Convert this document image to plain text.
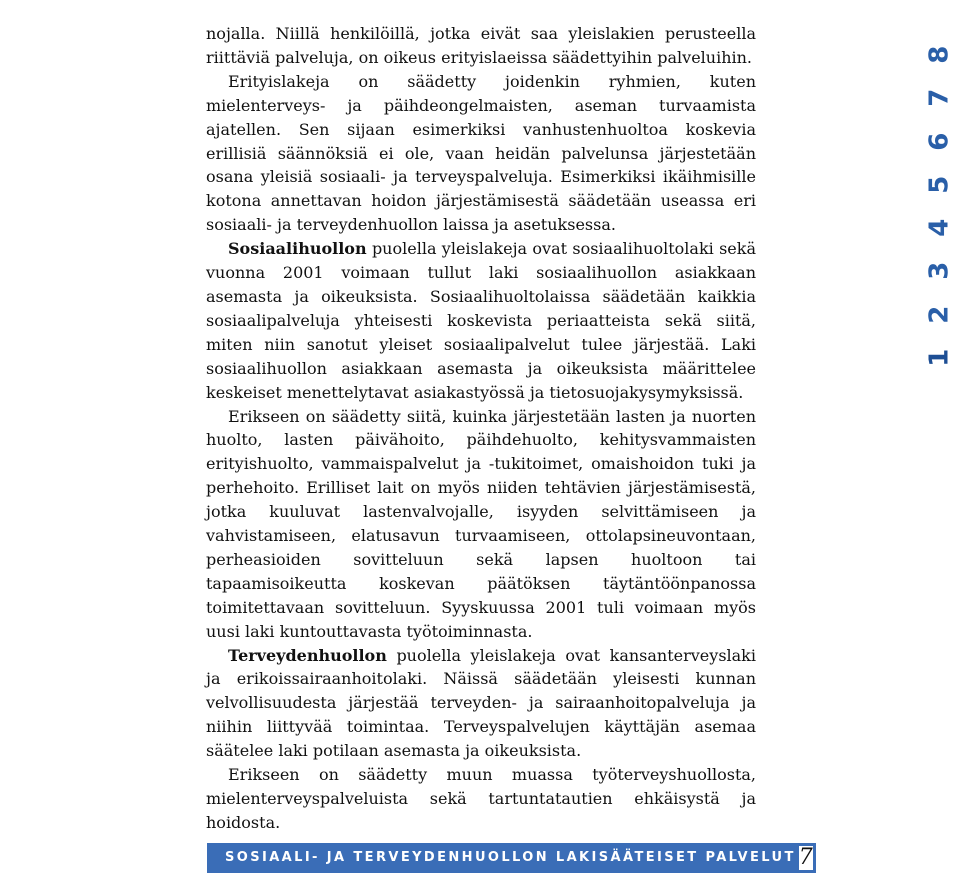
nojalla. Niillä henkilöillä, jotka eivät saa yleislakien perusteella riittäviä palveluja, on oikeus erityislaeissa säädettyihin palveluihin.

Erityislakeja on säädetty joidenkin ryhmien, kuten mielenterveys- ja päihdeongelmaisten, aseman turvaamista ajatellen. Sen sijaan esimerkiksi vanhustenhuoltoa koskevia erillisiä säännöksiä ei ole, vaan heidän palvelunsa järjestetään osana yleisiä sosiaali- ja terveyspalveluja. Esimerkiksi ikäihmisille kotona annettavan hoidon järjestämisestä säädetään useassa eri sosiaali- ja terveydenhuollon laissa ja asetuksessa.

Sosiaalihuollon puolella yleislakeja ovat sosiaalihuoltolaki sekä vuonna 2001 voimaan tullut laki sosiaalihuollon asiakkaan asemasta ja oikeuksista. Sosiaalihuoltolaissa säädetään kaikkia sosiaalipalveluja yhteisesti koskevista periaatteista sekä siitä, miten niin sanotut yleiset sosiaalipalvelut tulee järjestää. Laki sosiaalihuollon asiakkaan asemasta ja oikeuksista määrittelee keskeiset menettelytavat asiakastyössä ja tietosuojakysymyksissä.

Erikseen on säädetty siitä, kuinka järjestetään lasten ja nuorten huolto, lasten päivähoito, päihdehuolto, kehitysvammaisten erityishuolto, vammaispalvelut ja -tukitoimet, omaishoidon tuki ja perhehoito. Erilliset lait on myös niiden tehtävien järjestämisestä, jotka kuuluvat lastenvalvojalle, isyyden selvittämiseen ja vahvistamiseen, elatusavun turvaamiseen, ottolapsineuvontaan, perheasioiden sovitteluun sekä lapsen huoltoon tai tapaamisoikeutta koskevan päätöksen täytäntöönpanossa toimitettavaan sovitteluun. Syyskuussa 2001 tuli voimaan myös uusi laki kuntouttavasta työtoiminnasta.

Terveydenhuollon puolella yleislakeja ovat kansanterveyslaki ja erikoissairaanhoitolaki. Näissä säädetään yleisesti kunnan velvollisuudesta järjestää terveyden- ja sairaanhoitopalveluja ja niihin liittyvää toimintaa. Terveyspalvelujen käyttäjän asemaa säätelee laki potilaan asemasta ja oikeuksista.

Erikseen on säädetty muun muassa työterveyshuollosta, mielenterveyspalveluista sekä tartuntatautien ehkäisystä ja hoidosta.

8
7
6
5
4
3
2
1
SOSIAALI- JA TERVEYDENHUOLLON LAKISÄÄTEISET PALVELUT 7
